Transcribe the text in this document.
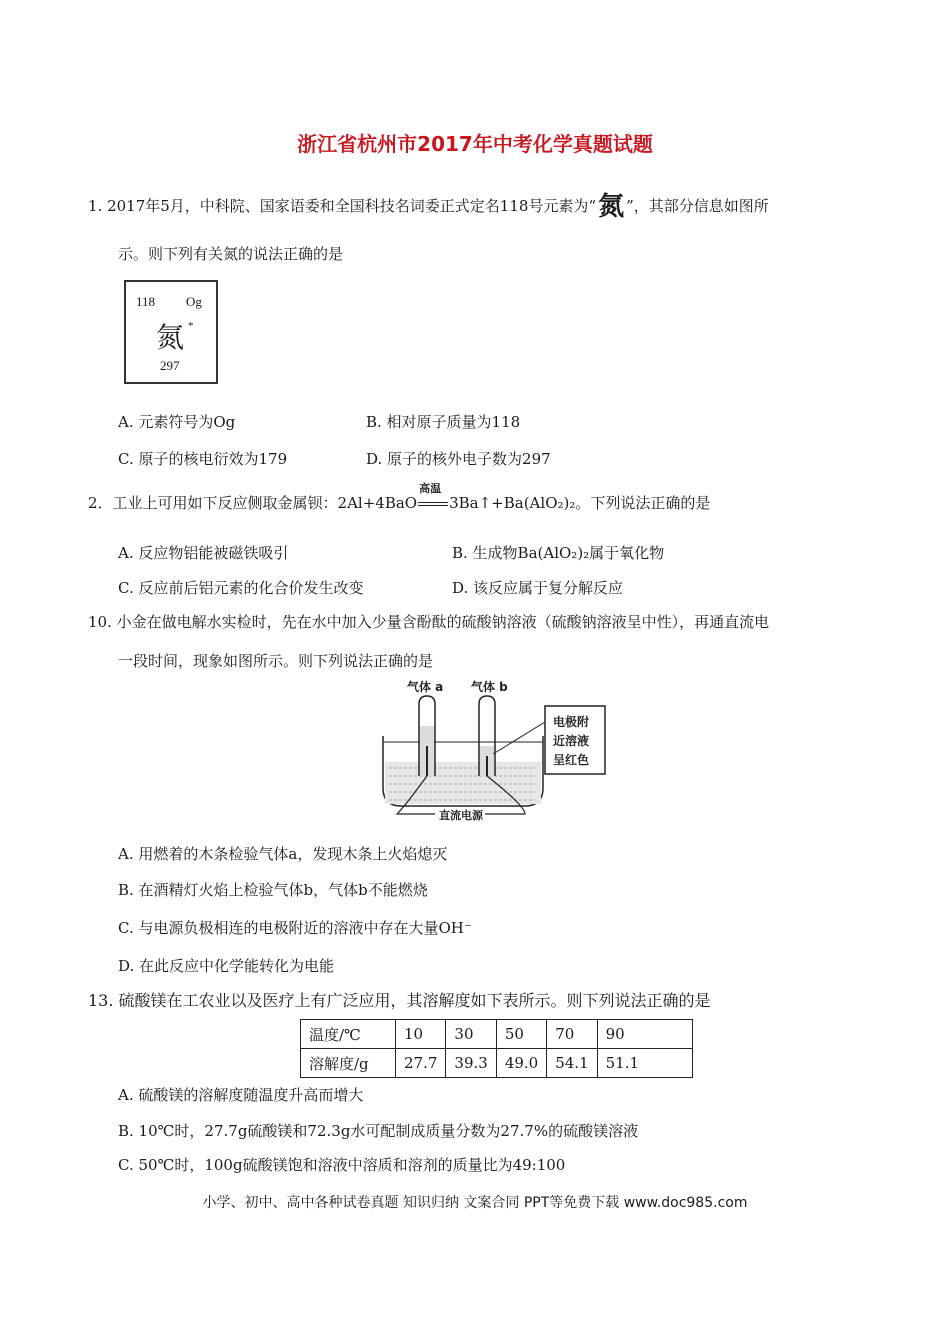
浙江省杭州市2017年中考化学真题试题
1. 2017年5月，中科院、国家语委和全国科技名词委正式定名118号元素为“氮 ”，其部分信息如图所
示。则下列有关氮的说法正确的是
118 Og
氮 *
297
A. 元素符号为Og	B. 相对原子质量为118
C. 原子的核电衍效为179	D. 原子的核外电子数为297
2．工业上可用如下反应侧取金属钡：2Al+4BaO
高温
3Ba↑+Ba(AlO₂)₂。下列说法正确的是
A. 反应物铝能被磁铁吸引	B. 生成物Ba(AlO₂)₂属于氧化物
C. 反应前后铝元素的化合价发生改变	D. 该反应属于复分解反应
10. 小金在做电解水实检时，先在水中加入少量含酚酞的硫酸钠溶液（硫酸钠溶液呈中性），再通直流电
一段时间，现象如图所示。则下列说法正确的是
气体 a 气体 b
直流电源
电极附
近溶液
呈红色
A. 用燃着的木条检验气体a，发现木条上火焰熄灭
B. 在酒精灯火焰上检验气体b，气体b不能燃烧
C. 与电源负极相连的电极附近的溶液中存在大量OH⁻
D. 在此反应中化学能转化为电能
13. 硫酸镁在工农业以及医疗上有广泛应用，其溶解度如下表所示。则下列说法正确的是
温度/℃	10	30	50	70	90
溶解度/g	27.7	39.3	49.0	54.1	51.1
A. 硫酸镁的溶解度随温度升高而增大
B. 10℃时，27.7g硫酸镁和72.3g水可配制成质量分数为27.7%的硫酸镁溶液
C. 50℃时，100g硫酸镁饱和溶液中溶质和溶剂的质量比为49:100
小学、初中、高中各种试卷真题 知识归纳 文案合同 PPT等免费下载 www.doc985.com
